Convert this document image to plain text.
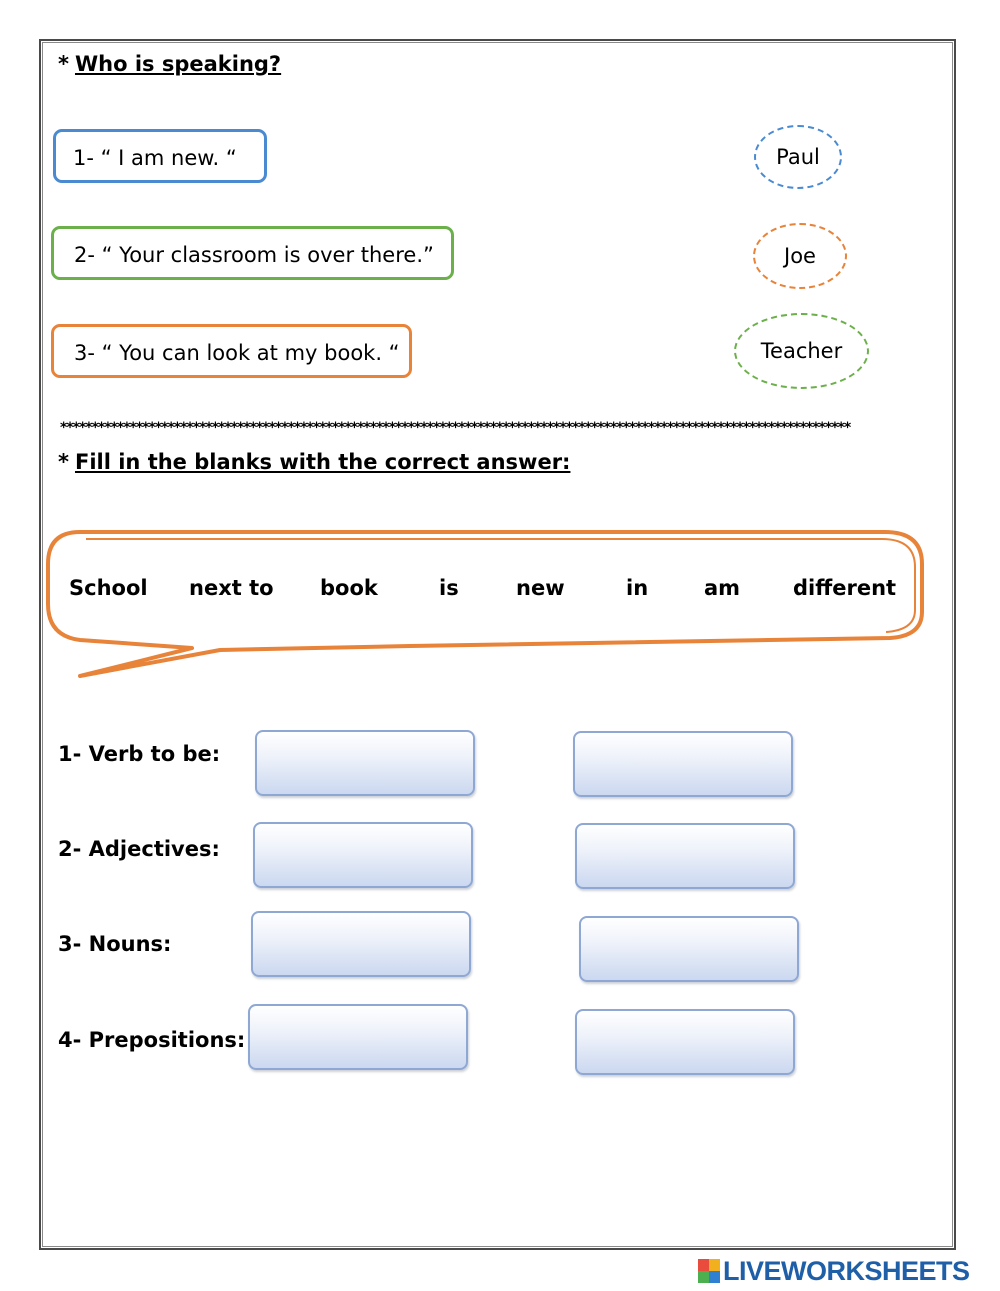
* Who is speaking?
1- “ I am new. “
2- “ Your classroom is over there.”
3- “ You can look at my book. “
Paul
Joe
Teacher
*****************************************************************************************************************************
* Fill in the blanks with the correct answer:
School next to book	is	new	in	am	different
1- Verb to be:
2- Adjectives:
3- Nouns:
4- Prepositions:
LIVEWORKSHEETS
